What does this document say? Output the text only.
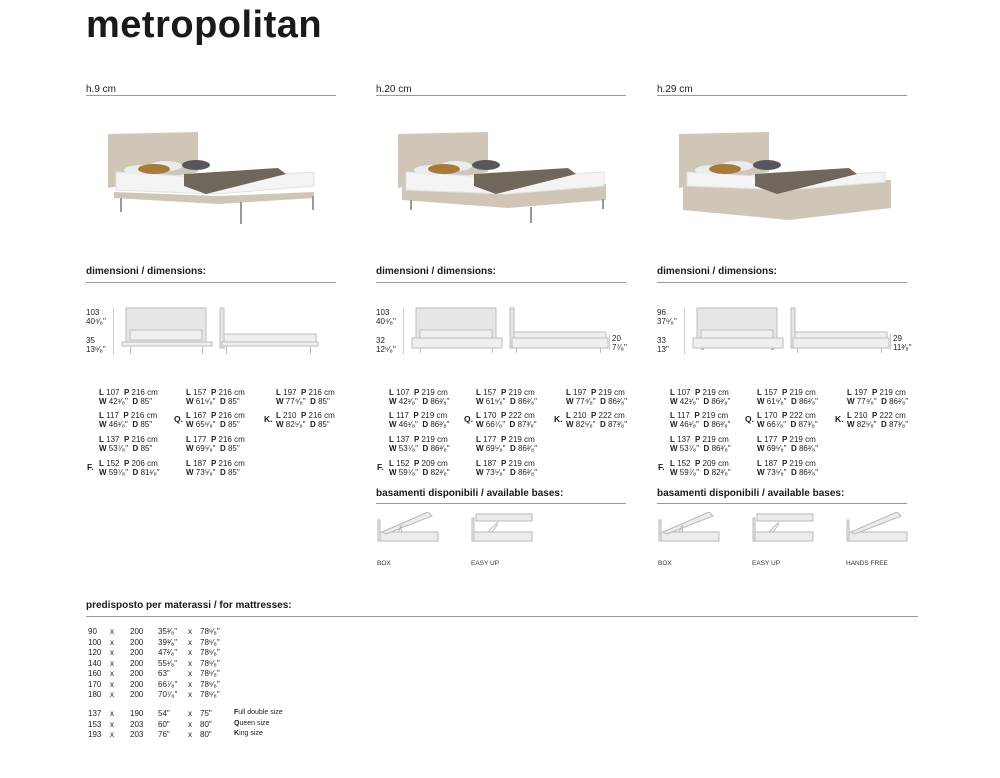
metropolitan
h.9 cm
dimensioni / dimensions:
103
40⁴⁄₈"
35
13⁶⁄₈"
L 107 P 216 cm
W 42¹⁄₈" D 85"
L 157 P 216 cm
W 61⁶⁄₈" D 85"
L 197 P 216 cm
W 77⁴⁄₈" D 85"
L 117 P 216 cm
W 46¹⁄₈" D 85"
Q. L 167 P 216 cm
W 65⁶⁄₈" D 85"
K. L 210 P 216 cm
W 82⁵⁄₈" D 85"
L 137 P 216 cm
W 53⁷⁄₈" D 85"
L 177 P 216 cm
W 69⁵⁄₈" D 85"
F. L 152 P 206 cm
W 59⁷⁄₈" D 81¹⁄₈"
L 187 P 216 cm
W 73⁵⁄₈" D 85"
h.20 cm
dimensioni / dimensions:
103
40⁴⁄₈"
32
12⁵⁄₈"
20
7⁷⁄₈"
L 107 P 219 cm
W 42¹⁄₈" D 86²⁄₈"
L 157 P 219 cm
W 61⁶⁄₈" D 86²⁄₈"
L 197 P 219 cm
W 77⁴⁄₈" D 86²⁄₈"
L 117 P 219 cm
W 46¹⁄₈" D 86²⁄₈"
Q. L 170 P 222 cm
W 66⁷⁄₈" D 87³⁄₈"
K. L 210 P 222 cm
W 82⁵⁄₈" D 87³⁄₈"
L 137 P 219 cm
W 53⁷⁄₈" D 86²⁄₈"
L 177 P 219 cm
W 69⁵⁄₈" D 86²⁄₈"
F. L 152 P 209 cm
W 59⁷⁄₈" D 82²⁄₈"
L 187 P 219 cm
W 73⁵⁄₈" D 86²⁄₈"
basamenti disponibili / available bases:
BOX	EASY UP
h.29 cm
dimensioni / dimensions:
96
37⁶⁄₈"
33
13"
29
11³⁄₈"
L 107 P 219 cm
W 42¹⁄₈" D 86²⁄₈"
L 157 P 219 cm
W 61⁶⁄₈" D 86²⁄₈"
L 197 P 219 cm
W 77⁴⁄₈" D 86²⁄₈"
L 117 P 219 cm
W 46¹⁄₈" D 86²⁄₈"
Q. L 170 P 222 cm
W 66⁷⁄₈" D 87³⁄₈"
K. L 210 P 222 cm
W 82⁵⁄₈" D 87³⁄₈"
L 137 P 219 cm
W 53⁷⁄₈" D 86²⁄₈"
L 177 P 219 cm
W 69⁵⁄₈" D 86²⁄₈"
F. L 152 P 209 cm
W 59⁷⁄₈" D 82²⁄₈"
L 187 P 219 cm
W 73⁵⁄₈" D 86²⁄₈"
basamenti disponibili / available bases:
BOX	EASY UP	HANDS FREE
predisposto per materassi / for mattresses:
90 x 200 35³⁄₈" x 78⁶⁄₈"
100 x 200 39³⁄₈" x 78⁶⁄₈"
120 x 200 47²⁄₈" x 78⁶⁄₈"
140 x 200 55¹⁄₈" x 78⁶⁄₈"
160 x 200 63" x 78⁶⁄₈"
170 x 200 66⁷⁄₈" x 78⁶⁄₈"
180 x 200 70⁷⁄₈" x 78⁶⁄₈"
137 x 190 54" x 75"	Full double size
153 x 203 60" x 80"	Queen size
193 x 203 76" x 80"	King size
